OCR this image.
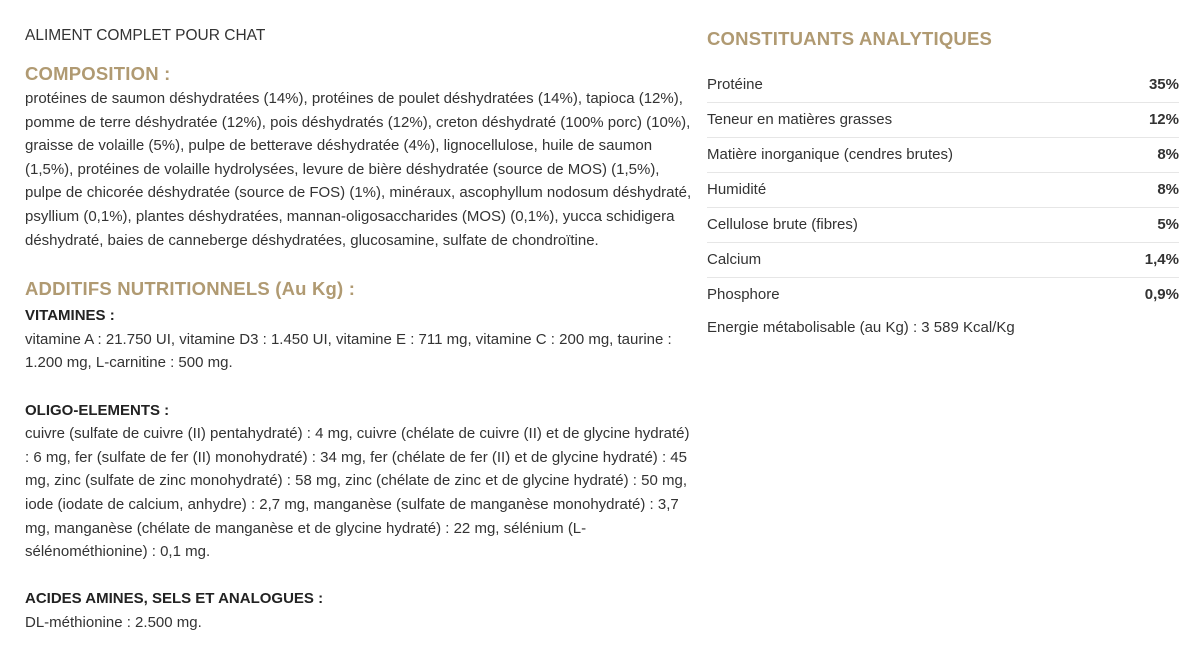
ALIMENT COMPLET POUR CHAT

COMPOSITION :

protéines de saumon déshydratées (14%), protéines de poulet déshydratées (14%), tapioca (12%), pomme de terre déshydratée (12%), pois déshydratés (12%), creton déshydraté (100% porc) (10%), graisse de volaille (5%), pulpe de betterave déshydratée (4%), lignocellulose, huile de saumon (1,5%), protéines de volaille hydrolysées, levure de bière déshydratée (source de MOS) (1,5%), pulpe de chicorée déshydratée (source de FOS) (1%), minéraux, ascophyllum nodosum déshydraté, psyllium (0,1%), plantes déshydratées, mannan-oligosaccharides (MOS) (0,1%), yucca schidigera déshydraté, baies de canneberge déshydratées, glucosamine, sulfate de chondroïtine.

ADDITIFS NUTRITIONNELS (Au Kg) :

VITAMINES :

vitamine A : 21.750 UI, vitamine D3 : 1.450 UI, vitamine E : 711 mg, vitamine C : 200 mg, taurine : 1.200 mg, L-carnitine : 500 mg.

OLIGO-ELEMENTS :

cuivre (sulfate de cuivre (II) pentahydraté) : 4 mg, cuivre (chélate de cuivre (II) et de glycine hydraté) : 6 mg, fer (sulfate de fer (II) monohydraté) : 34 mg, fer (chélate de fer (II) et de glycine hydraté) : 45 mg, zinc (sulfate de zinc monohydraté) : 58 mg, zinc (chélate de zinc et de glycine hydraté) : 50 mg, iode (iodate de calcium, anhydre) : 2,7 mg, manganèse (sulfate de manganèse monohydraté) : 3,7 mg, manganèse (chélate de manganèse et de glycine hydraté) : 22 mg, sélénium (L-sélénométhionine) : 0,1 mg.

ACIDES AMINES, SELS ET ANALOGUES :

DL-méthionine : 2.500 mg.

CONSTITUANTS ANALYTIQUES
Protéine	35%
Teneur en matières grasses	12%
Matière inorganique (cendres brutes)	8%
Humidité	8%
Cellulose brute (fibres)	5%
Calcium	1,4%
Phosphore	0,9%

Energie métabolisable (au Kg) : 3 589 Kcal/Kg
